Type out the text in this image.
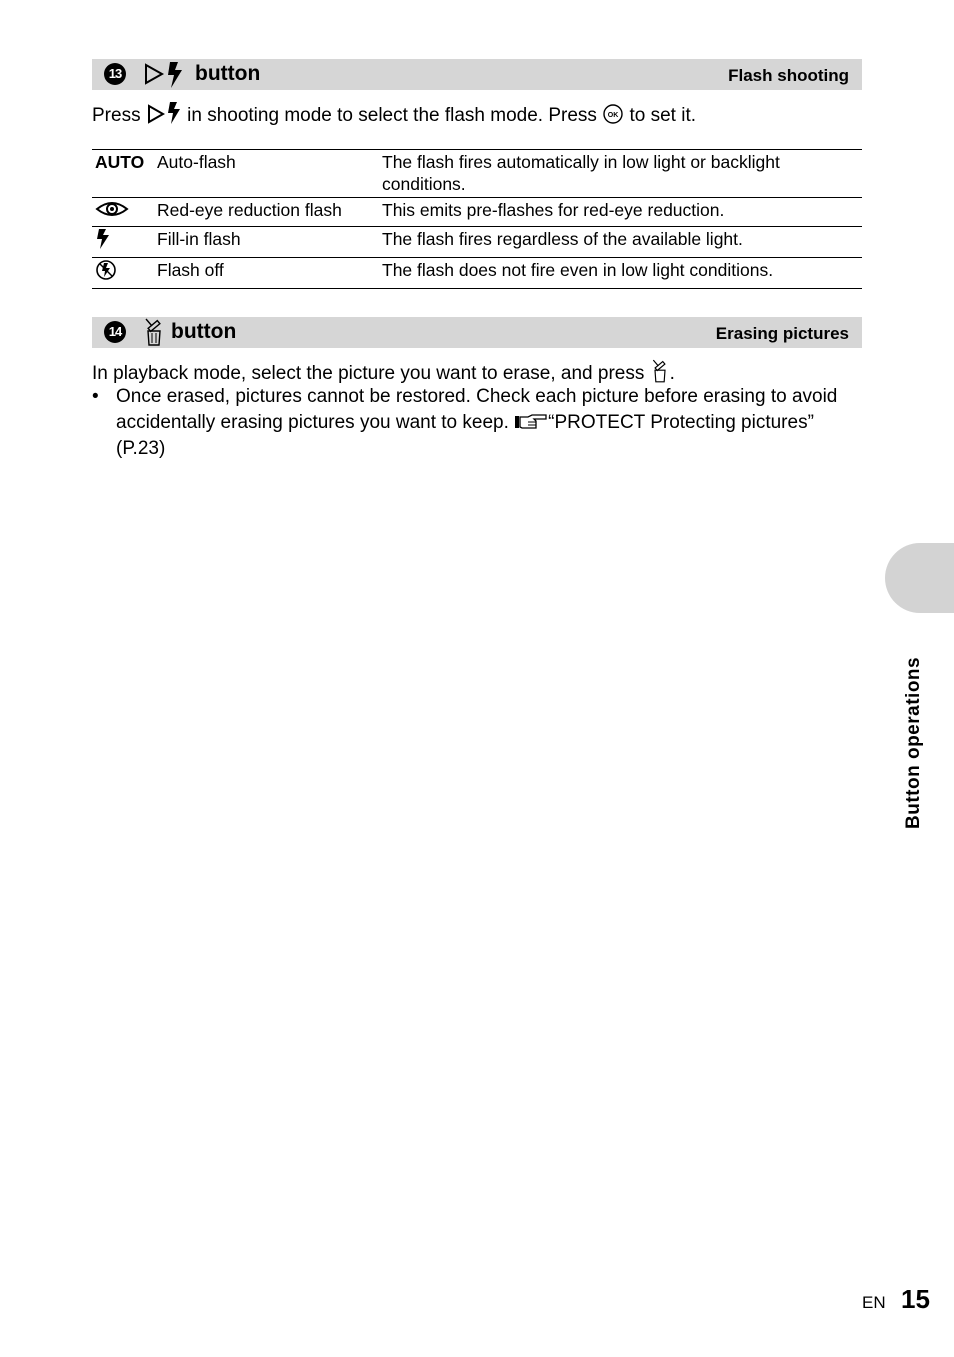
13	button	Flash shooting
Press in shooting mode to select the flash mode. Press OK to set it.
AUTO	Auto-flash	The flash fires automatically in low light or backlight conditions.
	Red-eye reduction flash	This emits pre-flashes for red-eye reduction.
	Fill-in flash	The flash fires regardless of the available light.
	Flash off	The flash does not fire even in low light conditions.
14 button	Erasing pictures
In playback mode, select the picture you want to erase, and press .
• Once erased, pictures cannot be restored. Check each picture before erasing to avoid accidentally erasing pictures you want to keep. “PROTECT Protecting pictures” (P.23)
Button operations
EN 15
